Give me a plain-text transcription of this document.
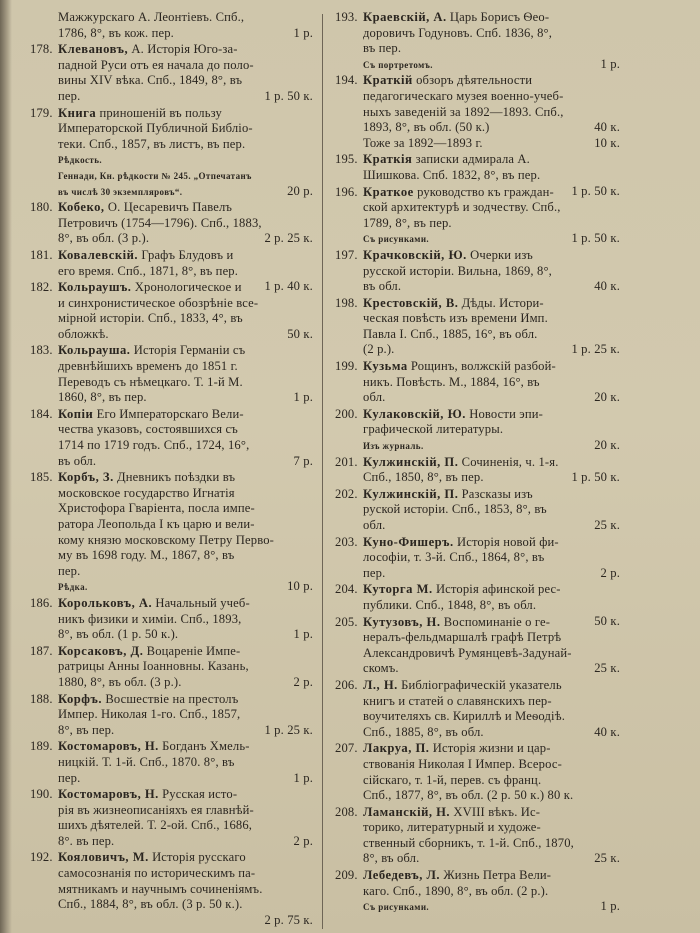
Мажжурскаго А. Леонтіевъ. Спб.,
1 р.
1786, 8°, въ кож. пер.
178. Клевановъ, А. Исторія Юго-за-
падной Руси отъ ея начала до поло-
вины XIV вѣка. Спб., 1849, 8°, въ
1 р. 50 к.
пер.
179. Книга приношеній въ пользу
Императорской Публичной Библіо-
теки. Спб., 1857, въ листъ, въ пер.
Рѣдкость.
Геннади, Кн. рѣдкости № 245. „Отпечатанъ
20 р.
въ числѣ 30 экземпляровъ“.
180. Кобеко, О. Цесаревичъ Павелъ
Петровичъ (1754—1796). Спб., 1883,
2 р. 25 к.
8°, въ обл. (3 р.).
181. Ковалевскій. Графъ Блудовъ и
его время. Спб., 1871, 8°, въ пер.
1 р. 40 к.
182. Кольраушъ. Хронологическое и
и синхронистическое обозрѣніе все-
мірной исторіи. Спб., 1833, 4°, въ
50 к.
обложкѣ.
183. Кольрауша. Исторія Германіи съ
древнѣйшихъ временъ до 1851 г.
Переводъ съ нѣмецкаго. Т. 1-й М.
1 р.
1860, 8°, въ пер.
184. Копіи Его Императорскаго Вели-
чества указовъ, состоявшихся съ
1714 по 1719 годъ. Спб., 1724, 16°,
7 р.
въ обл.
185. Корбъ, З. Дневникъ поѣздки въ
московское государство Игнатія
Христофора Гваріента, посла импе-
ратора Леопольда I къ царю и вели-
кому князю московскому Петру Перво-
му въ 1698 году. М., 1867, 8°, въ
пер.
10 р.
Рѣдка.
186. Корольковъ, А. Начальный учеб-
никъ физики и химіи. Спб., 1893,
1 р.
8°, въ обл. (1 р. 50 к.).
187. Корсаковъ, Д. Воцареніе Импе-
ратрицы Анны Іоанновны. Казань,
2 р.
1880, 8°, въ обл. (3 р.).
188. Корфъ. Восшествіе на престолъ
Импер. Николая 1-го. Спб., 1857,
1 р. 25 к.
8°, въ пер.
189. Костомаровъ, Н. Богданъ Хмель-
ницкій. Т. 1-й. Спб., 1870. 8°, въ
1 р.
пер.
190. Костомаровъ, Н. Русская исто-
рія въ жизнеописаніяхъ ея главнѣй-
шихъ дѣятелей. Т. 2-ой. Спб., 1686,
2 р.
8°. въ пер.
192. Кояловичъ, М. Исторія русскаго
самосознанія по историческимъ па-
мятникамъ и научнымъ сочиненіямъ.
Спб., 1884, 8°, въ обл. (3 р. 50 к.).
2 р. 75 к.
193. Краевскій, А. Царь Борисъ Ѳео-
доровичъ Годуновъ. Спб. 1836, 8°,
въ пер.
1 р.
Съ портретомъ.
194. Краткій обзоръ дѣятельности
педагогическаго музея военно-учеб-
ныхъ заведеній за 1892—1893. Спб.,
40 к.
1893, 8°, въ обл. (50 к.)
10 к.
Тоже за 1892—1893 г.
195. Краткія записки адмирала А.
Шишкова. Спб. 1832, 8°, въ пер.
1 р. 50 к.
196. Краткое руководство къ граждан-
ской архитектурѣ и зодчеству. Спб.,
1789, 8°, въ пер.
1 р. 50 к.
Съ рисунками.
197. Крачковскій, Ю. Очерки изъ
русской исторіи. Вильна, 1869, 8°,
40 к.
въ обл.
198. Крестовскій, В. Дѣды. Истори-
ческая повѣсть изъ времени Имп.
Павла I. Спб., 1885, 16°, въ обл.
1 р. 25 к.
(2 р.).
199. Кузьма Рощинъ, волжскій разбой-
никъ. Повѣсть. М., 1884, 16°, въ
20 к.
обл.
200. Кулаковскій, Ю. Новости эпи-
графической литературы.
20 к.
Изъ журналь.
201. Кулжинскій, П. Сочиненія, ч. 1-я.
1 р. 50 к.
Спб., 1850, 8°, въ пер.
202. Кулжинскій, П. Разсказы изъ
руской исторіи. Спб., 1853, 8°, въ
25 к.
обл.
203. Куно-Фишеръ. Исторія новой фи-
лософіи, т. 3-й. Спб., 1864, 8°, въ
2 р.
пер.
204. Куторга М. Исторія афинской рес-
публики. Спб., 1848, 8°, въ обл.
50 к.
205. Кутузовъ, Н. Воспоминаніе о ге-
нералъ-фельдмаршалѣ графѣ Петрѣ
Александровичѣ Румянцевѣ-Задунай-
25 к.
скомъ.
206. Л., Н. Библіографическій указатель
книгъ и статей о славянскихъ пер-
воучителяхъ св. Кириллѣ и Меѳодіѣ.
40 к.
Спб., 1885, 8°, въ обл.
207. Лакруа, П. Исторія жизни и цар-
ствованія Николая I Импер. Всерос-
сійскаго, т. 1-й, перев. съ франц.
Спб., 1877, 8°, въ обл. (2 р. 50 к.) 80 к.
208. Ламанскій, Н. XVIII вѣкъ. Ис-
торико, литературный и художе-
ственный сборникъ, т. 1-й. Спб., 1870,
25 к.
8°, въ обл.
209. Лебедевъ, Л. Жизнь Петра Вели-
каго. Спб., 1890, 8°, въ обл. (2 р.).
1 р.
Съ рисунками.
